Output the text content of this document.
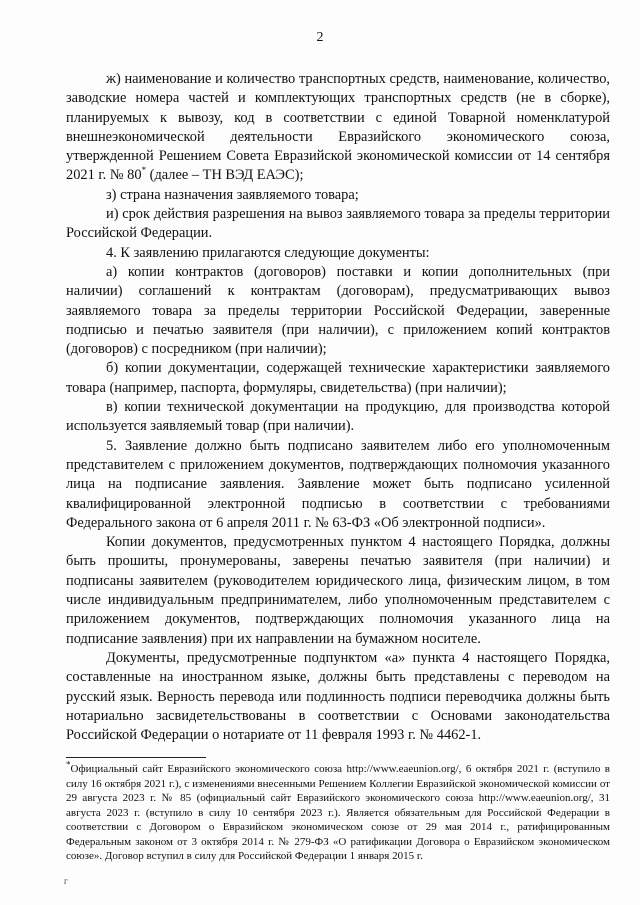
2

ж) наименование и количество транспортных средств, наименование, количество, заводские номера частей и комплектующих транспортных средств (не в сборке), планируемых к вывозу, код в соответствии с единой Товарной номенклатурой внешнеэкономической деятельности Евразийского экономического союза, утвержденной Решением Совета Евразийской экономической комиссии от 14 сентября 2021 г. № 80* (далее – ТН ВЭД ЕАЭС);

з) страна назначения заявляемого товара;

и) срок действия разрешения на вывоз заявляемого товара за пределы территории Российской Федерации.

4. К заявлению прилагаются следующие документы:

а) копии контрактов (договоров) поставки и копии дополнительных (при наличии) соглашений к контрактам (договорам), предусматривающих вывоз заявляемого товара за пределы территории Российской Федерации, заверенные подписью и печатью заявителя (при наличии), с приложением копий контрактов (договоров) с посредником (при наличии);

б) копии документации, содержащей технические характеристики заявляемого товара (например, паспорта, формуляры, свидетельства) (при наличии);

в) копии технической документации на продукцию, для производства которой используется заявляемый товар (при наличии).

5. Заявление должно быть подписано заявителем либо его уполномоченным представителем с приложением документов, подтверждающих полномочия указанного лица на подписание заявления. Заявление может быть подписано усиленной квалифицированной электронной подписью в соответствии с требованиями Федерального закона от 6 апреля 2011 г. № 63-ФЗ «Об электронной подписи».

Копии документов, предусмотренных пунктом 4 настоящего Порядка, должны быть прошиты, пронумерованы, заверены печатью заявителя (при наличии) и подписаны заявителем (руководителем юридического лица, физическим лицом, в том числе индивидуальным предпринимателем, либо уполномоченным представителем с приложением документов, подтверждающих полномочия указанного лица на подписание заявления) при их направлении на бумажном носителе.

Документы, предусмотренные подпунктом «а» пункта 4 настоящего Порядка, составленные на иностранном языке, должны быть представлены с переводом на русский язык. Верность перевода или подлинность подписи переводчика должны быть нотариально засвидетельствованы в соответствии с Основами законодательства Российской Федерации о нотариате от 11 февраля 1993 г. № 4462-1.

*Официальный сайт Евразийского экономического союза http://www.eaeunion.org/, 6 октября 2021 г. (вступило в силу 16 октября 2021 г.), с изменениями внесенными Решением Коллегии Евразийской экономической комиссии от 29 августа 2023 г. № 85 (официальный сайт Евразийского экономического союза http://www.eaeunion.org/, 31 августа 2023 г. (вступило в силу 10 сентября 2023 г.). Является обязательным для Российской Федерации в соответствии с Договором о Евразийском экономическом союзе от 29 мая 2014 г., ратифицированным Федеральным законом от 3 октября 2014 г. № 279-ФЗ «О ратификации Договора о Евразийском экономическом союзе». Договор вступил в силу для Российской Федерации 1 января 2015 г.
г
